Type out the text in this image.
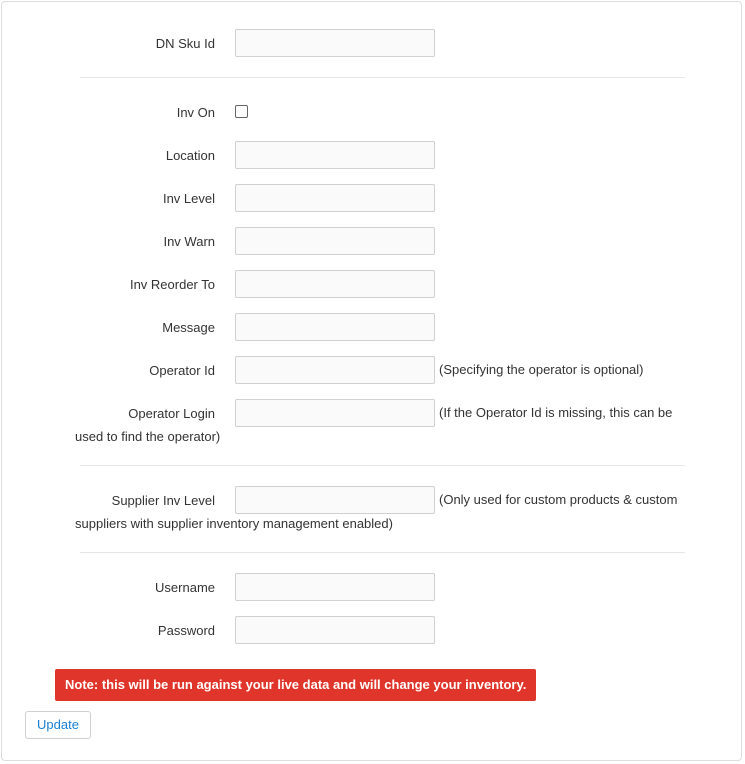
DN Sku Id
Inv On
Location
Inv Level
Inv Warn
Inv Reorder To
Message
Operator Id	(Specifying the operator is optional)
Operator Login	(If the Operator Id is missing, this can be
used to find the operator)
Supplier Inv Level	(Only used for custom products & custom
suppliers with supplier inventory management enabled)
Username
Password
Note: this will be run against your live data and will change your inventory.
Update
